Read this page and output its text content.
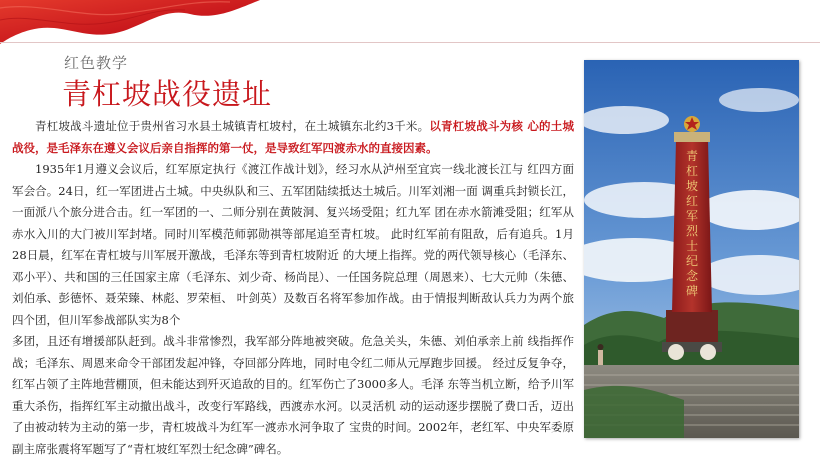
红色教学
青杠坡战役遗址

青杠坡战斗遗址位于贵州省习水县土城镇青杠坡村，在土城镇东北约3千米。以青杠坡战斗为核 心的土城战役，是毛泽东在遵义会议后亲自指挥的第一仗，是导致红军四渡赤水的直接因素。

1935年1月遵义会议后，红军原定执行《渡江作战计划》，经习水从泸州至宜宾一线北渡长江与 红四方面军会合。24日，红一军团进占土城。中央纵队和三、五军团陆续抵达土城后。川军刘湘一面 调重兵封锁长江，一面派八个旅分进合击。红一军团的一、二师分别在黄陂洞、复兴场受阻；红九军 团在赤水箭滩受阻；红军从赤水入川的大门被川军封堵。同时川军模范师郭勋祺等部尾追至青杠坡。 此时红军前有阻敌，后有追兵。1月28日晨，红军在青杠坡与川军展开激战，毛泽东等到青杠坡附近 的大埂上指挥。党的两代领导核心（毛泽东、邓小平）、共和国的三任国家主席（毛泽东、刘少奇、杨尚昆）、一任国务院总理（周恩来）、七大元帅（朱德、刘伯承、彭德怀、聂荣臻、林彪、罗荣桓、 叶剑英）及数百名将军参加作战。由于情报判断敌认兵力为两个旅四个团，但川军参战部队实为8个

多团，且还有增援部队赶到。战斗非常惨烈，我军部分阵地被突破。危急关头，朱德、刘伯承亲上前 线指挥作战；毛泽东、周恩来命令干部团发起冲锋，夺回部分阵地，同时电令红二师从元厚跑步回援。 经过反复争夺，红军占领了主阵地营棚顶，但未能达到歼灭追敌的目的。红军伤亡了3000多人。毛泽 东等当机立断，给予川军重大杀伤，指挥红军主动撤出战斗，改变行军路线，西渡赤水河。以灵活机 动的运动逐步摆脱了费口舌，迈出了由被动转为主动的第一步，青杠坡战斗为红军一渡赤水河争取了 宝贵的时间。2002年，老红军、中央军委原副主席张震将军题写了“青杠坡红军烈士纪念碑”碑名。

青
杠
坡
红
军
烈
士
纪
念
碑
